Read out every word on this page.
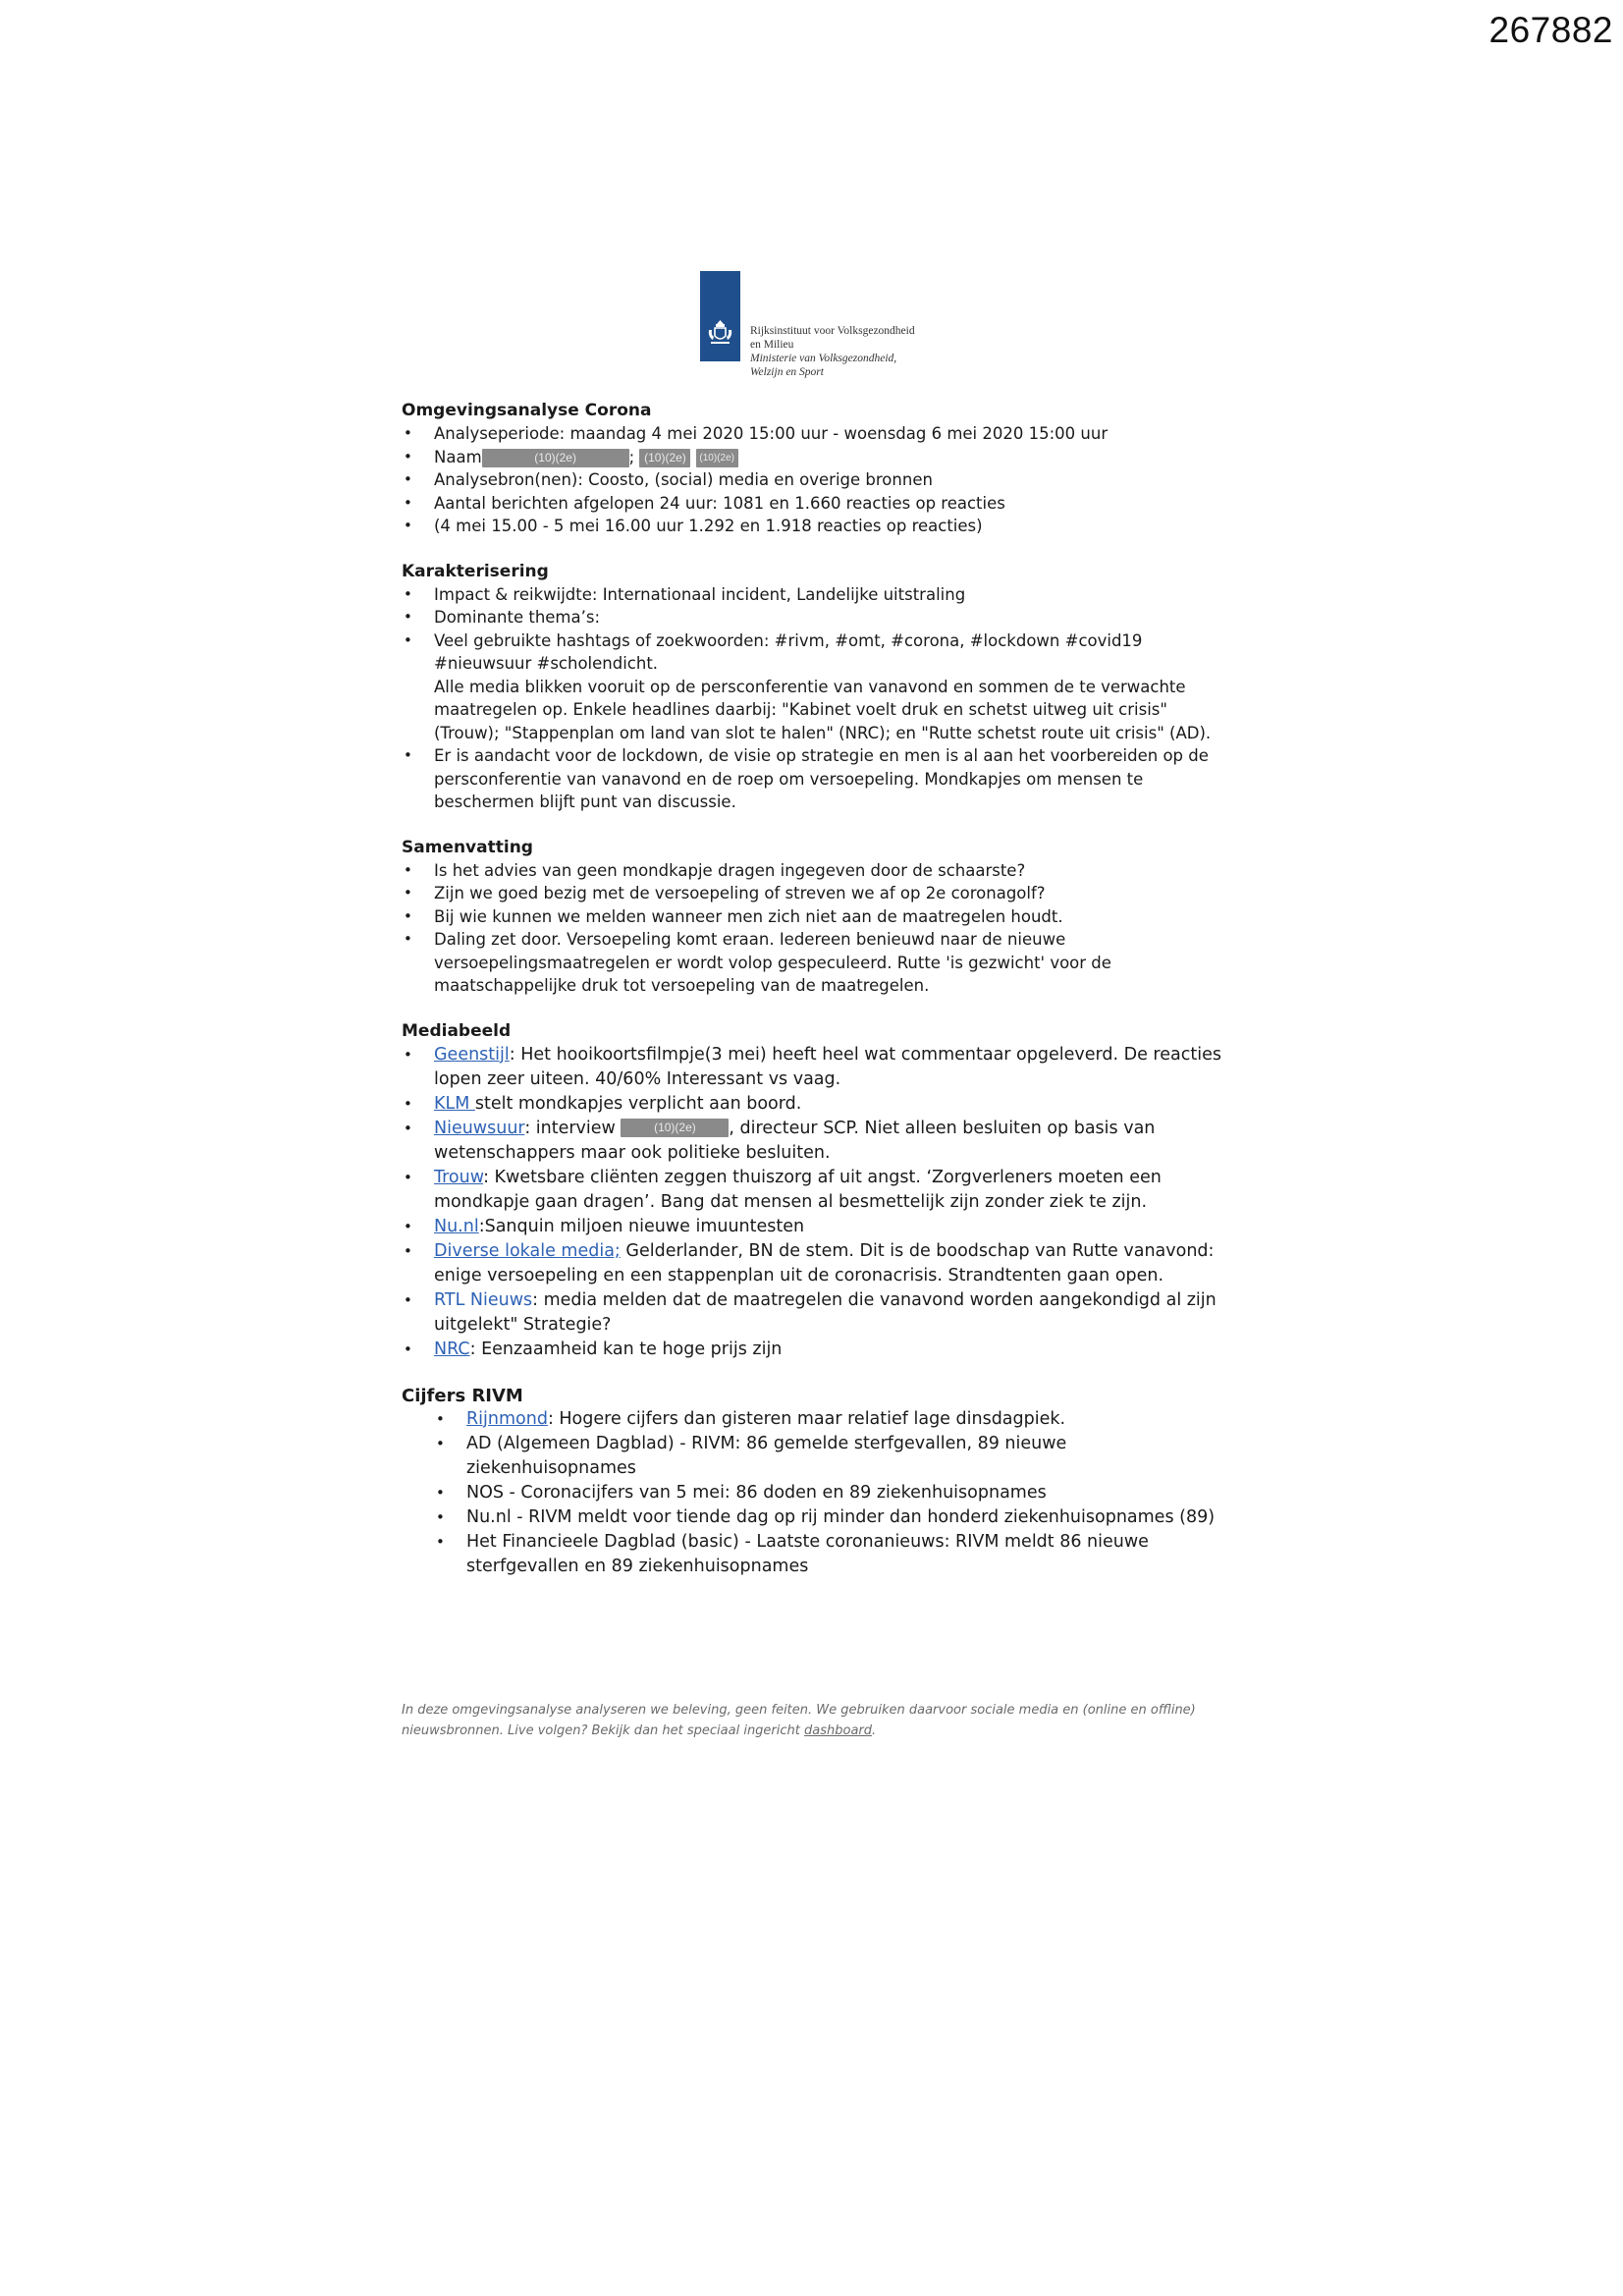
267882
Rijksinstituut voor Volksgezondheid
en Milieu
Ministerie van Volksgezondheid,
Welzijn en Sport
Omgevingsanalyse Corona
• Analyseperiode: maandag 4 mei 2020 15:00 uur - woensdag 6 mei 2020 15:00 uur
• Naam	(10)(2e)	; (10)(2e) (10)(2e)
• Analysebron(nen): Coosto, (social) media en overige bronnen
• Aantal berichten afgelopen 24 uur: 1081 en 1.660 reacties op reacties
• (4 mei 15.00 - 5 mei 16.00 uur 1.292 en 1.918 reacties op reacties)
Karakterisering
• Impact & reikwijdte: Internationaal incident, Landelijke uitstraling
• Dominante thema’s:
• Veel gebruikte hashtags of zoekwoorden: #rivm, #omt, #corona, #lockdown #covid19 #nieuwsuur #scholendicht.
Alle media blikken vooruit op de persconferentie van vanavond en sommen de te verwachte maatregelen op. Enkele headlines daarbij: "Kabinet voelt druk en schetst uitweg uit crisis" (Trouw); "Stappenplan om land van slot te halen" (NRC); en "Rutte schetst route uit crisis" (AD).
• Er is aandacht voor de lockdown, de visie op strategie en men is al aan het voorbereiden op de persconferentie van vanavond en de roep om versoepeling. Mondkapjes om mensen te beschermen blijft punt van discussie.
Samenvatting
• Is het advies van geen mondkapje dragen ingegeven door de schaarste?
• Zijn we goed bezig met de versoepeling of streven we af op 2e coronagolf?
• Bij wie kunnen we melden wanneer men zich niet aan de maatregelen houdt.
• Daling zet door. Versoepeling komt eraan. Iedereen benieuwd naar de nieuwe versoepelingsmaatregelen er wordt volop gespeculeerd. Rutte 'is gezwicht' voor de maatschappelijke druk tot versoepeling van de maatregelen.
Mediabeeld
• Geenstijl: Het hooikoortsfilmpje(3 mei) heeft heel wat commentaar opgeleverd. De reacties lopen zeer uiteen. 40/60% Interessant vs vaag.
• KLM stelt mondkapjes verplicht aan boord.
• Nieuwsuur: interview	(10)(2e) , directeur SCP. Niet alleen besluiten op basis van wetenschappers maar ook politieke besluiten.
• Trouw: Kwetsbare cliënten zeggen thuiszorg af uit angst. ‘Zorgverleners moeten een mondkapje gaan dragen’. Bang dat mensen al besmettelijk zijn zonder ziek te zijn.
• Nu.nl:Sanquin miljoen nieuwe imuuntesten
• Diverse lokale media; Gelderlander, BN de stem. Dit is de boodschap van Rutte vanavond: enige versoepeling en een stappenplan uit de coronacrisis. Strandtenten gaan open.
• RTL Nieuws: media melden dat de maatregelen die vanavond worden aangekondigd al zijn uitgelekt" Strategie?
• NRC: Eenzaamheid kan te hoge prijs zijn
Cijfers RIVM
• Rijnmond: Hogere cijfers dan gisteren maar relatief lage dinsdagpiek.
• AD (Algemeen Dagblad) - RIVM: 86 gemelde sterfgevallen, 89 nieuwe ziekenhuisopnames
• NOS - Coronacijfers van 5 mei: 86 doden en 89 ziekenhuisopnames
• Nu.nl - RIVM meldt voor tiende dag op rij minder dan honderd ziekenhuisopnames (89)
• Het Financieele Dagblad (basic) - Laatste coronanieuws: RIVM meldt 86 nieuwe sterfgevallen en 89 ziekenhuisopnames
In deze omgevingsanalyse analyseren we beleving, geen feiten. We gebruiken daarvoor sociale media en (online en offline) nieuwsbronnen. Live volgen? Bekijk dan het speciaal ingericht dashboard.
